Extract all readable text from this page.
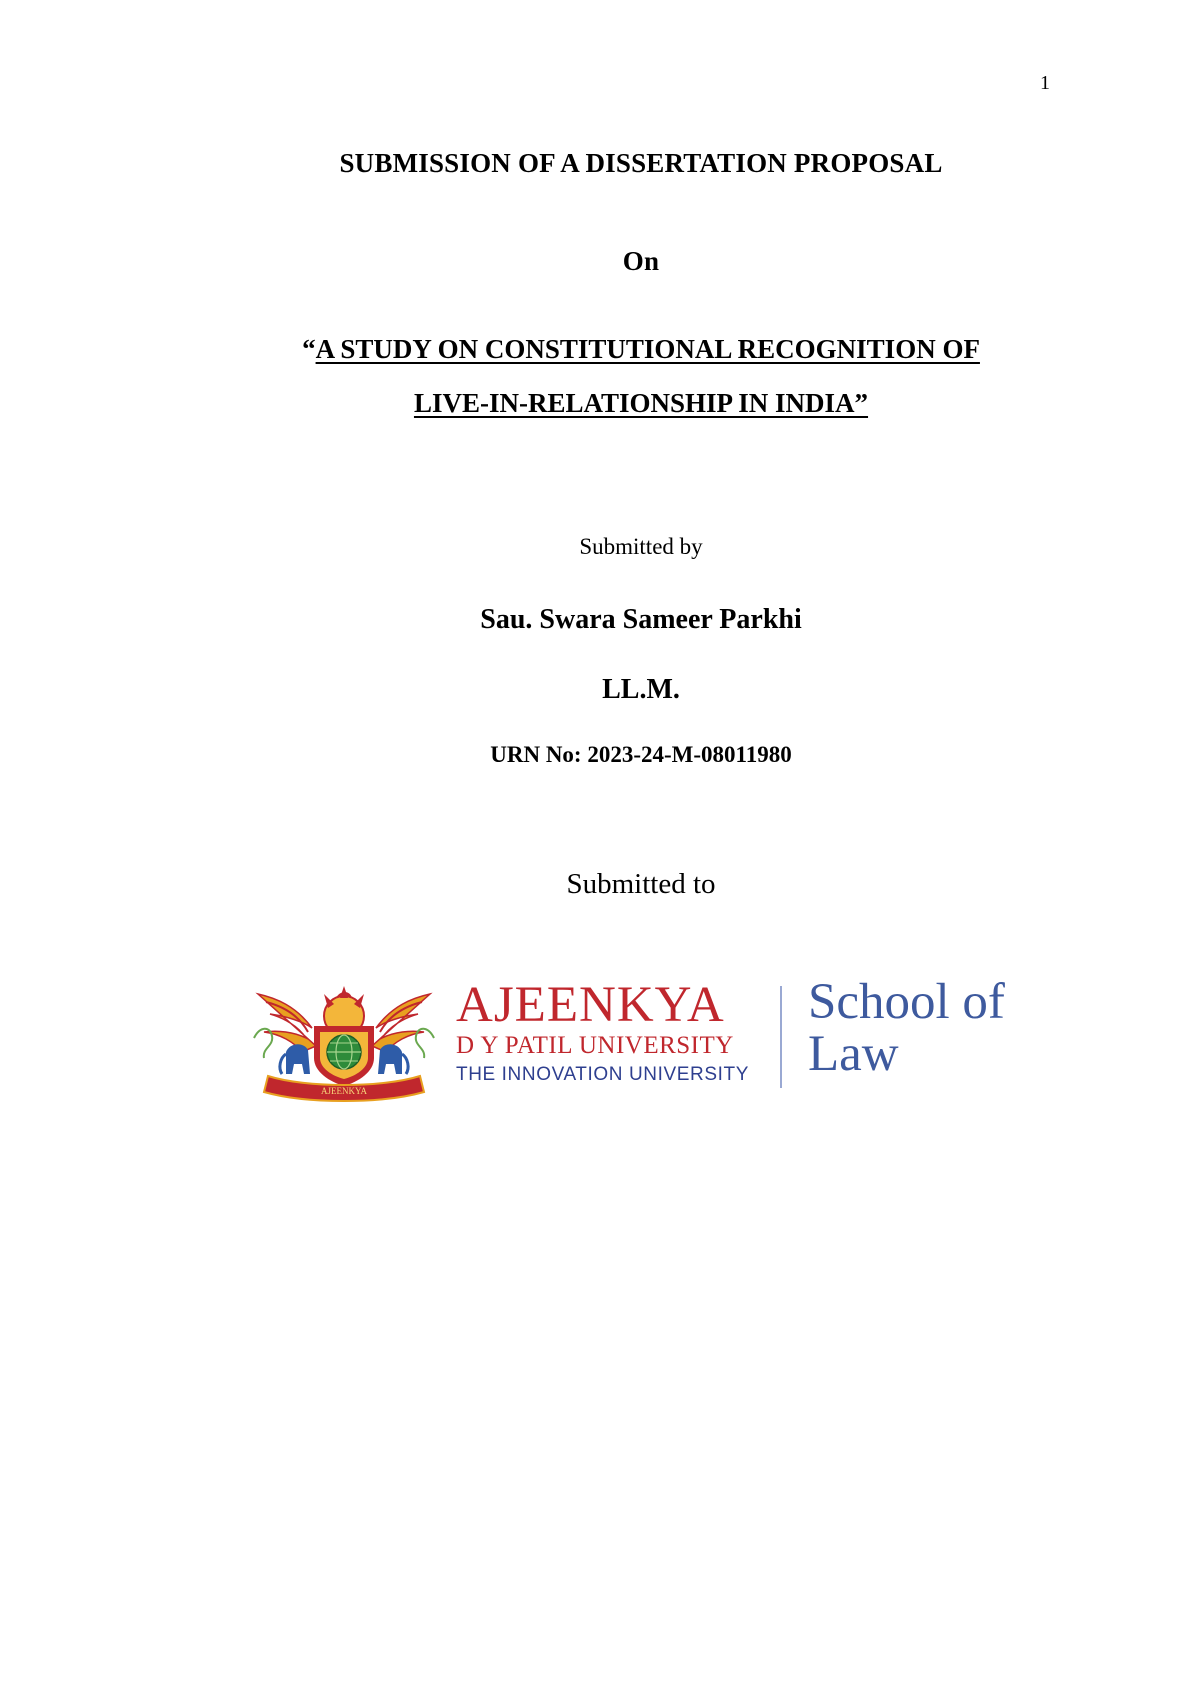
1
SUBMISSION OF A DISSERTATION PROPOSAL
On
“A STUDY ON CONSTITUTIONAL RECOGNITION OF
LIVE-IN-RELATIONSHIP IN INDIA”
Submitted by
Sau. Swara Sameer Parkhi
LL.M.
URN No: 2023-24-M-08011980
Submitted to
AJEENKYA
AJEENKYA
D Y PATIL UNIVERSITY
THE INNOVATION UNIVERSITY
School of
Law
